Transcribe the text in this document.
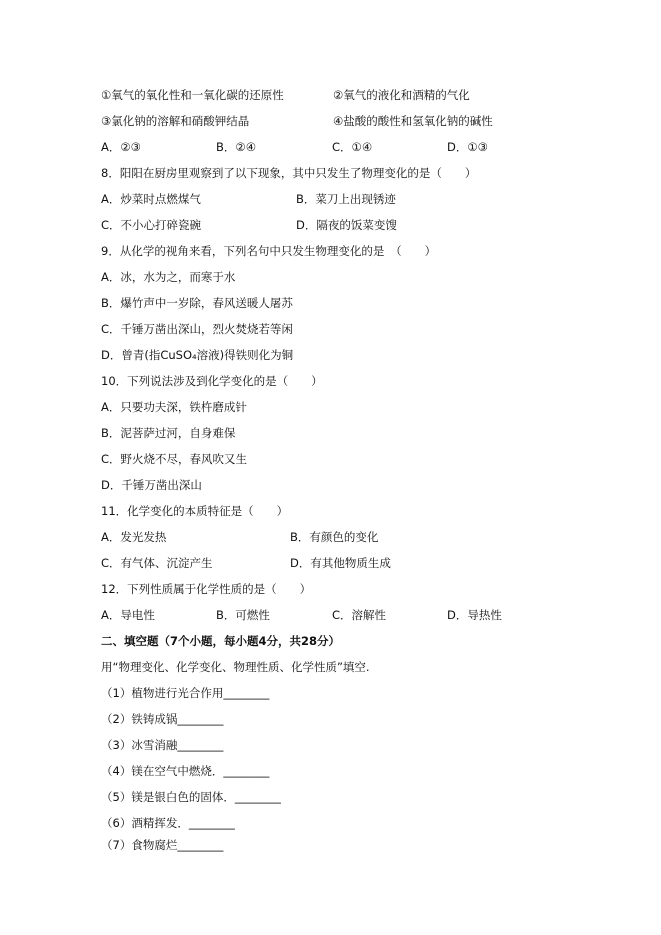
①氧气的氧化性和一氧化碳的还原性	②氧气的液化和酒精的气化
③氯化钠的溶解和硝酸钾结晶	④盐酸的酸性和氢氧化钠的碱性
A．②③	B．②④	C．①④	D．①③
8．阳阳在厨房里观察到了以下现象，其中只发生了物理变化的是（　　）
A．炒菜时点燃煤气	B．菜刀上出现锈迹
C．不小心打碎瓷碗	D．隔夜的饭菜变馊
9．从化学的视角来看，下列名句中只发生物理变化的是　（　　）
A．冰，水为之，而寒于水
B．爆竹声中一岁除，春风送暖人屠苏
C．千锤万凿出深山，烈火焚烧若等闲
D．曾青(指CuSO₄溶液)得铁则化为铜
10．下列说法涉及到化学变化的是（　　）
A．只要功夫深，铁杵磨成针
B．泥菩萨过河，自身难保
C．野火烧不尽，春风吹又生
D．千锤万凿出深山
11．化学变化的本质特征是（　　）
A．发光发热	B．有颜色的变化
C．有气体、沉淀产生	D．有其他物质生成
12．下列性质属于化学性质的是（　　）
A．导电性	B．可燃性	C．溶解性	D．导热性
二、填空题（7个小题，每小题4分，共28分）
用“物理变化、化学变化、物理性质、化学性质”填空.
（1）植物进行光合作用________
（2）铁铸成锅________
（3）冰雪消融________
（4）镁在空气中燃烧．________
（5）镁是银白色的固体．________
（6）酒精挥发．________
（7）食物腐烂________
